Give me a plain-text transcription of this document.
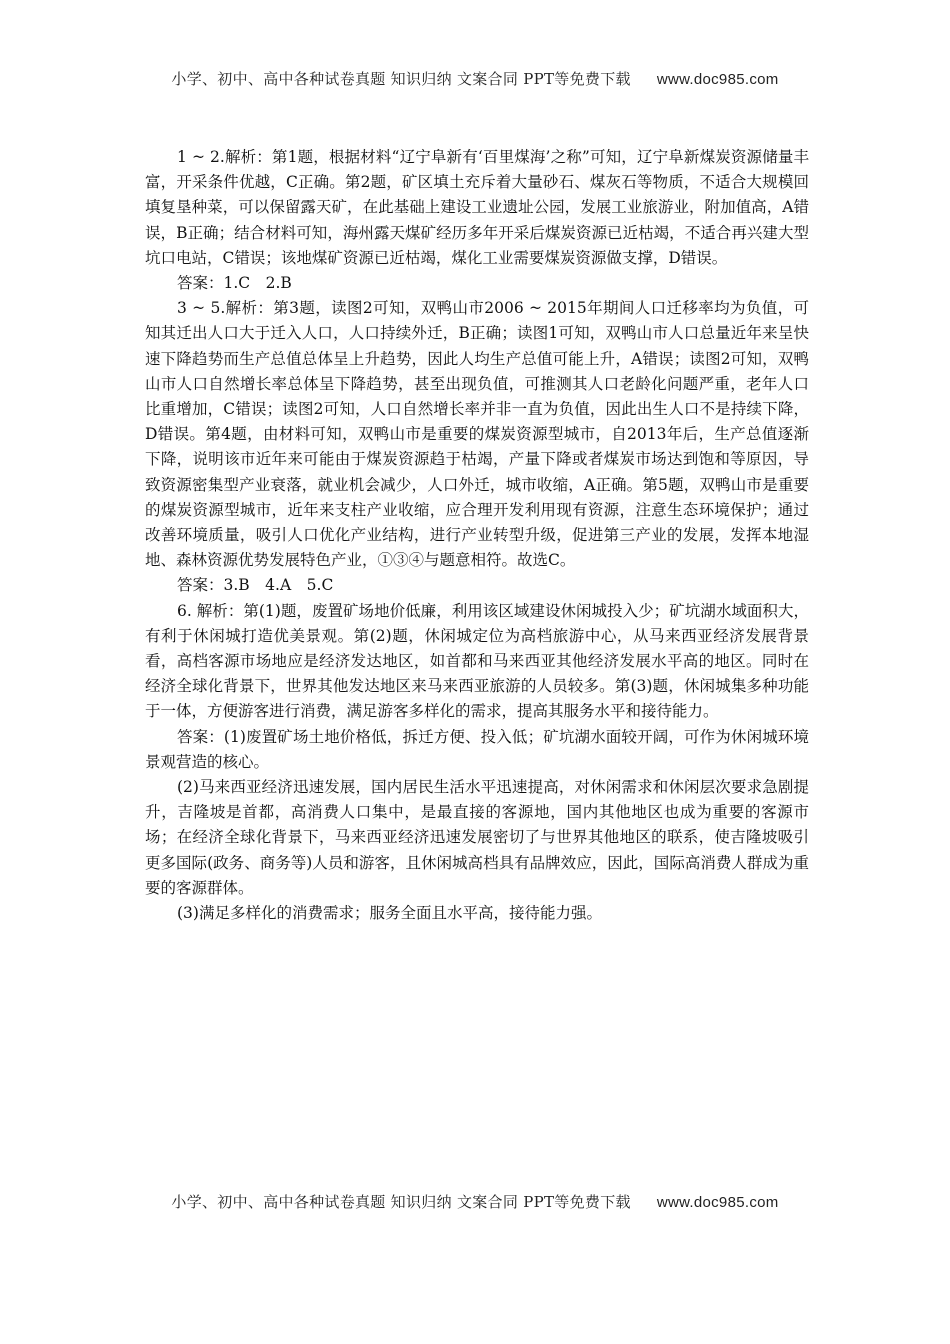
小学、初中、高中各种试卷真题 知识归纳 文案合同 PPT等免费下载 www.doc985.com

1 ~ 2.解析：第1题，根据材料“辽宁阜新有‘百里煤海’之称”可知，辽宁阜新煤炭资源储量丰富，开采条件优越，C正确。第2题，矿区填土充斥着大量砂石、煤灰石等物质，不适合大规模回填复垦种菜，可以保留露天矿，在此基础上建设工业遗址公园，发展工业旅游业，附加值高，A错误，B正确；结合材料可知，海州露天煤矿经历多年开采后煤炭资源已近枯竭，不适合再兴建大型坑口电站，C错误；该地煤矿资源已近枯竭，煤化工业需要煤炭资源做支撑，D错误。

答案：1.C　2.B

3 ~ 5.解析：第3题，读图2可知，双鸭山市2006 ~ 2015年期间人口迁移率均为负值，可知其迁出人口大于迁入人口，人口持续外迁，B正确；读图1可知，双鸭山市人口总量近年来呈快速下降趋势而生产总值总体呈上升趋势，因此人均生产总值可能上升，A错误；读图2可知，双鸭山市人口自然增长率总体呈下降趋势，甚至出现负值，可推测其人口老龄化问题严重，老年人口比重增加，C错误；读图2可知，人口自然增长率并非一直为负值，因此出生人口不是持续下降，D错误。第4题，由材料可知，双鸭山市是重要的煤炭资源型城市，自2013年后，生产总值逐渐下降，说明该市近年来可能由于煤炭资源趋于枯竭，产量下降或者煤炭市场达到饱和等原因，导致资源密集型产业衰落，就业机会减少，人口外迁，城市收缩，A正确。第5题，双鸭山市是重要的煤炭资源型城市，近年来支柱产业收缩，应合理开发利用现有资源，注意生态环境保护；通过改善环境质量，吸引人口优化产业结构，进行产业转型升级，促进第三产业的发展，发挥本地湿地、森林资源优势发展特色产业，①③④与题意相符。故选C。

答案：3.B　4.A　5.C

6. 解析：第(1)题，废置矿场地价低廉，利用该区域建设休闲城投入少；矿坑湖水域面积大，有利于休闲城打造优美景观。第(2)题，休闲城定位为高档旅游中心，从马来西亚经济发展背景看，高档客源市场地应是经济发达地区，如首都和马来西亚其他经济发展水平高的地区。同时在经济全球化背景下，世界其他发达地区来马来西亚旅游的人员较多。第(3)题，休闲城集多种功能于一体，方便游客进行消费，满足游客多样化的需求，提高其服务水平和接待能力。

答案：(1)废置矿场土地价格低，拆迁方便、投入低；矿坑湖水面较开阔，可作为休闲城环境景观营造的核心。

(2)马来西亚经济迅速发展，国内居民生活水平迅速提高，对休闲需求和休闲层次要求急剧提升，吉隆坡是首都，高消费人口集中，是最直接的客源地，国内其他地区也成为重要的客源市场；在经济全球化背景下，马来西亚经济迅速发展密切了与世界其他地区的联系，使吉隆坡吸引更多国际(政务、商务等)人员和游客，且休闲城高档具有品牌效应，因此，国际高消费人群成为重要的客源群体。

(3)满足多样化的消费需求；服务全面且水平高，接待能力强。

小学、初中、高中各种试卷真题 知识归纳 文案合同 PPT等免费下载 www.doc985.com
